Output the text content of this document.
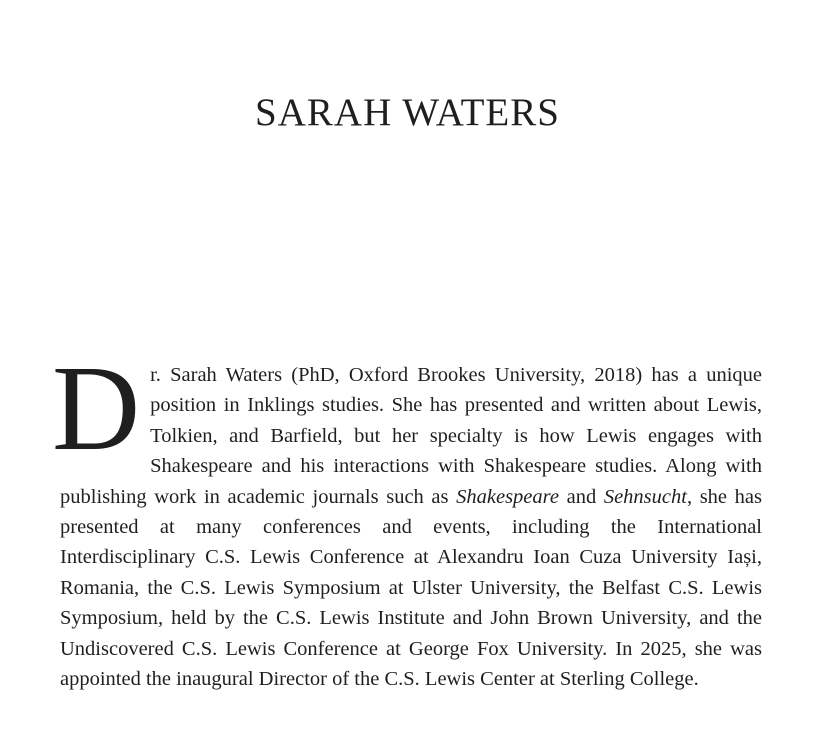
SARAH WATERS

Dr. Sarah Waters (PhD, Oxford Brookes University, 2018) has a unique position in Inklings studies. She has presented and written about Lewis, Tolkien, and Barfield, but her specialty is how Lewis engages with Shakespeare and his interactions with Shakespeare studies. Along with publishing work in academic journals such as Shakespeare and Sehnsucht, she has presented at many conferences and events, including the International Interdisciplinary C.S. Lewis Conference at Alexandru Ioan Cuza University Iași, Romania, the C.S. Lewis Symposium at Ulster University, the Belfast C.S. Lewis Symposium, held by the C.S. Lewis Institute and John Brown University, and the Undiscovered C.S. Lewis Conference at George Fox University. In 2025, she was appointed the inaugural Director of the C.S. Lewis Center at Sterling College.
